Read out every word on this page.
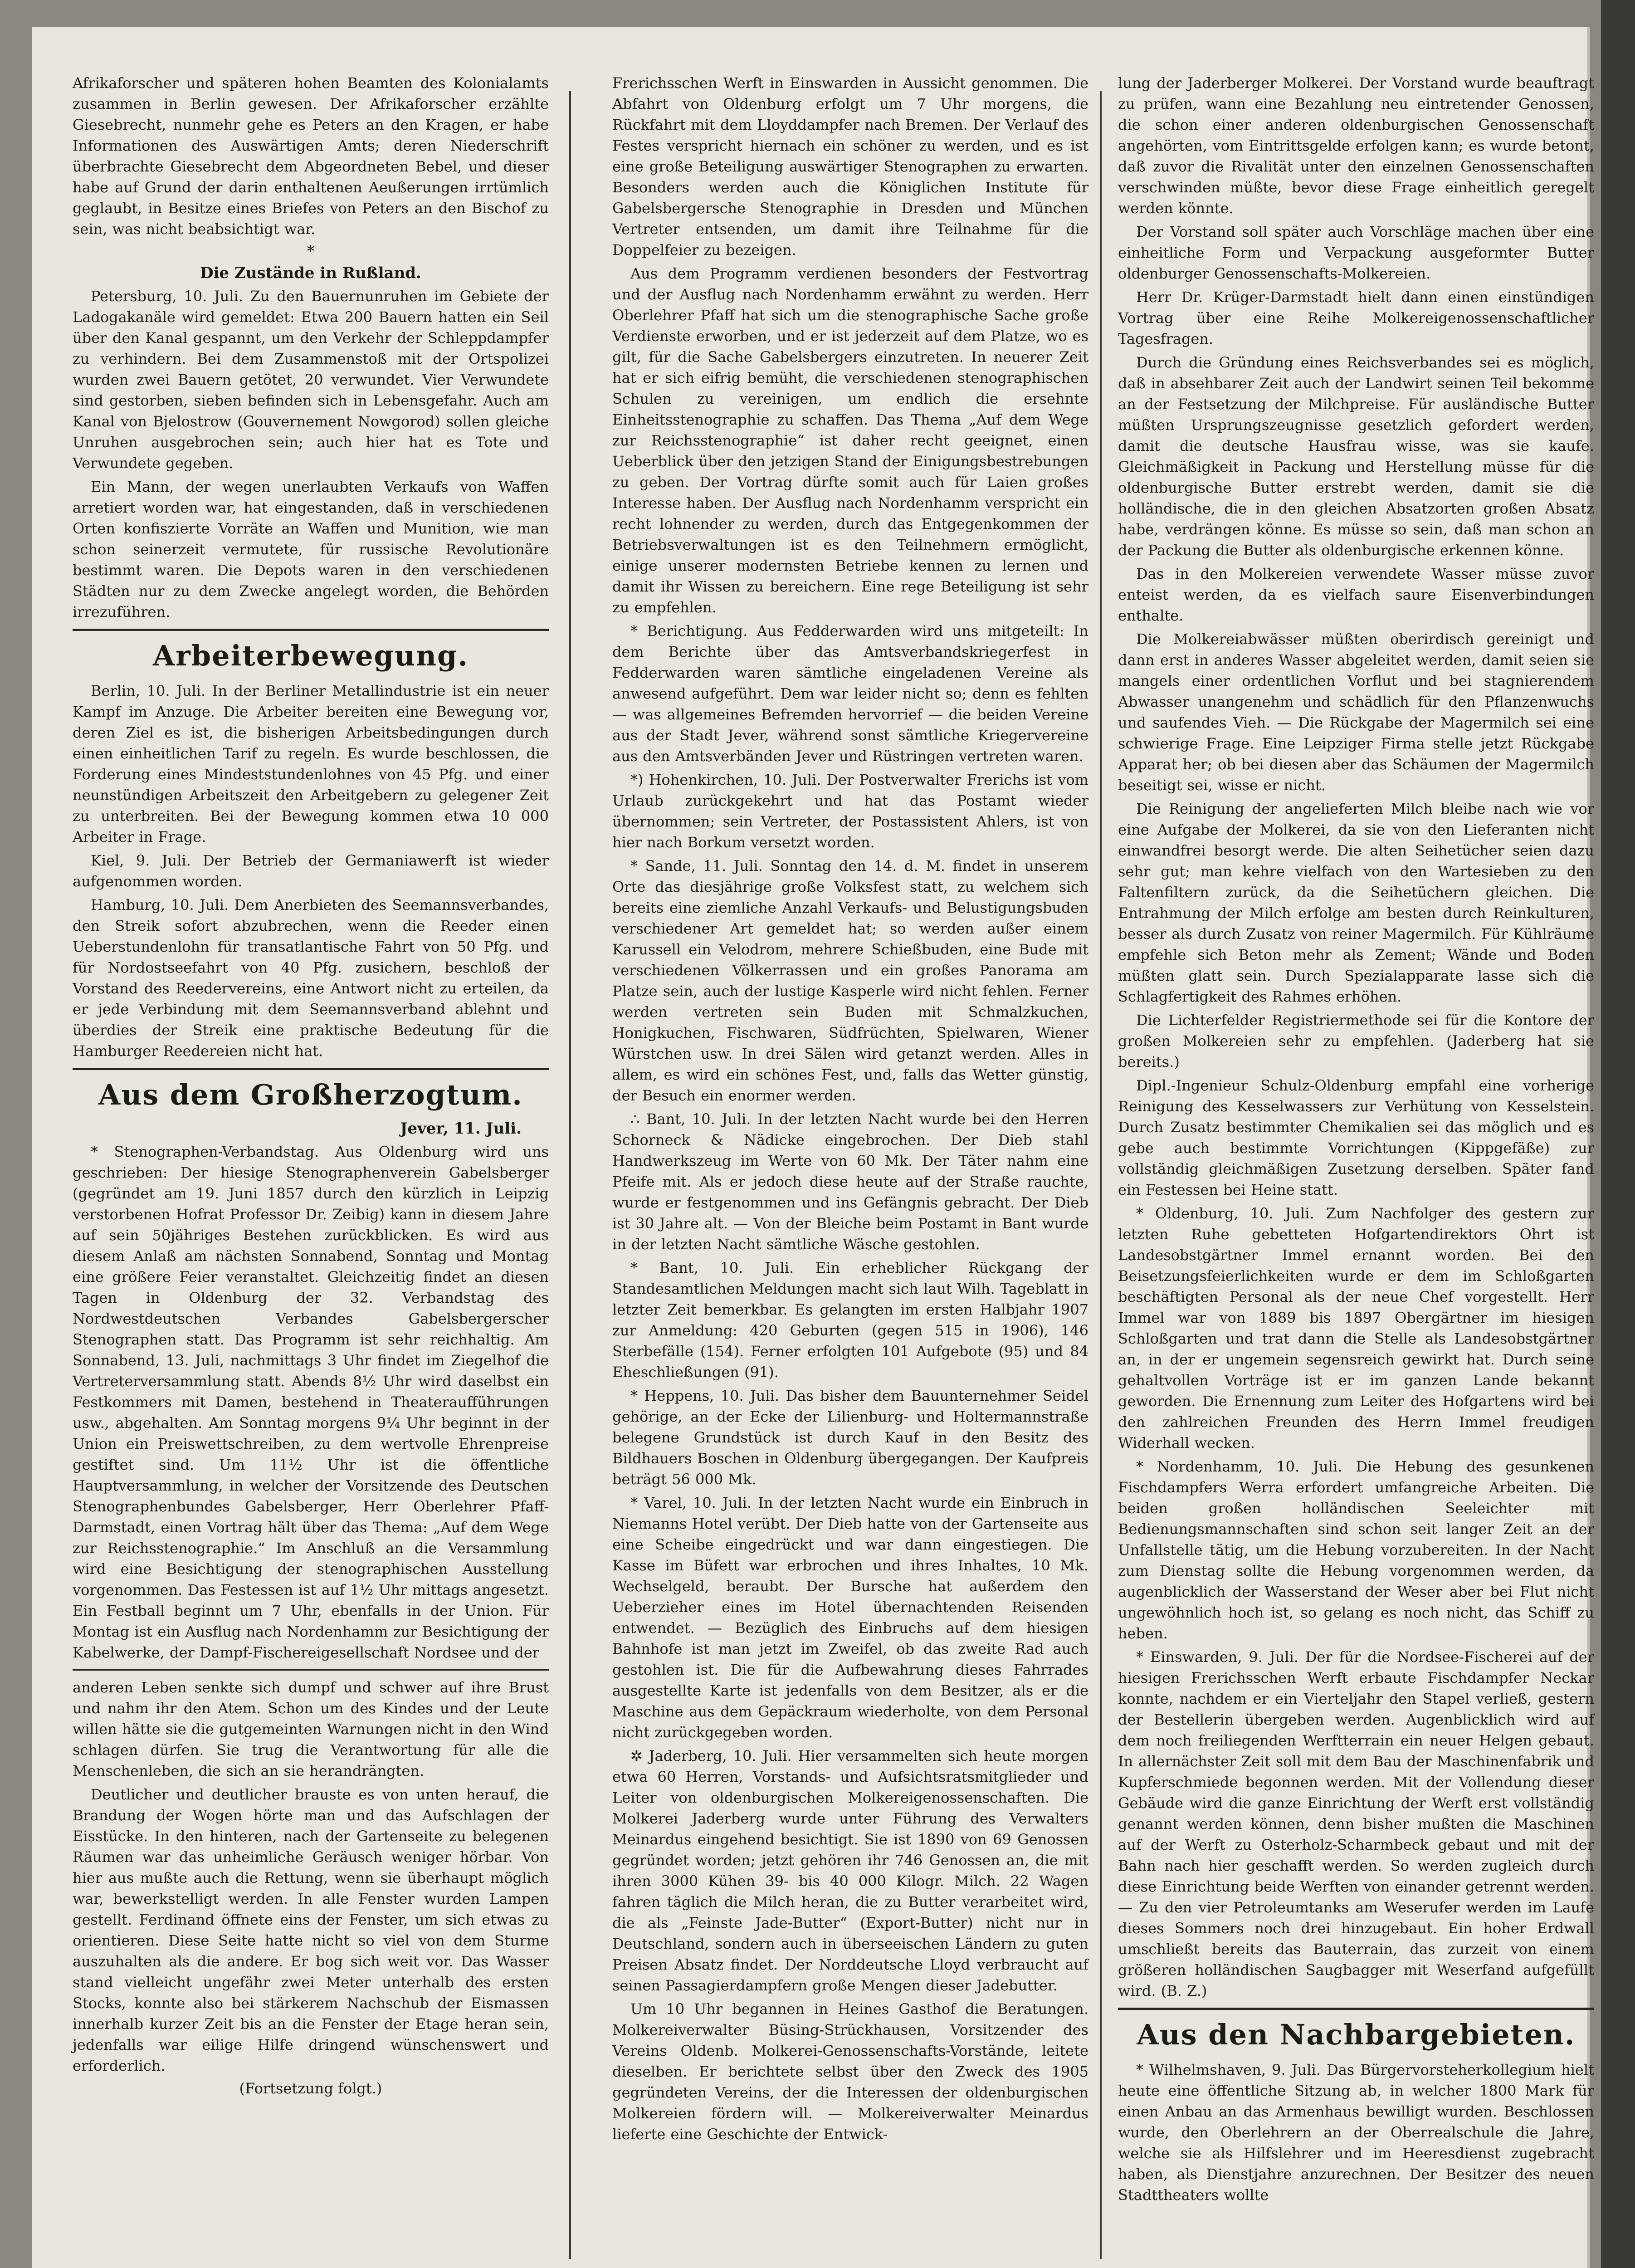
Afrikaforscher und späteren hohen Beamten des Kolonialamts zusammen in Berlin gewesen. Der Afrikaforscher erzählte Giesebrecht, nunmehr gehe es Peters an den Kragen, er habe Informationen des Auswärtigen Amts; deren Niederschrift überbrachte Giesebrecht dem Abgeordneten Bebel, und dieser habe auf Grund der darin enthaltenen Aeußerungen irrtümlich geglaubt, in Besitze eines Briefes von Peters an den Bischof zu sein, was nicht beabsichtigt war.

*
Die Zustände in Rußland.

Petersburg, 10. Juli. Zu den Bauernunruhen im Gebiete der Ladogakanäle wird gemeldet: Etwa 200 Bauern hatten ein Seil über den Kanal gespannt, um den Verkehr der Schleppdampfer zu verhindern. Bei dem Zusammenstoß mit der Ortspolizei wurden zwei Bauern getötet, 20 verwundet. Vier Verwundete sind gestorben, sieben befinden sich in Lebensgefahr. Auch am Kanal von Bjelostrow (Gouvernement Nowgorod) sollen gleiche Unruhen ausgebrochen sein; auch hier hat es Tote und Verwundete gegeben.

Ein Mann, der wegen unerlaubten Verkaufs von Waffen arretiert worden war, hat eingestanden, daß in verschiedenen Orten konfiszierte Vorräte an Waffen und Munition, wie man schon seinerzeit vermutete, für russische Revolutionäre bestimmt waren. Die Depots waren in den verschiedenen Städten nur zu dem Zwecke angelegt worden, die Behörden irrezuführen.

Arbeiterbewegung.

Berlin, 10. Juli. In der Berliner Metallindustrie ist ein neuer Kampf im Anzuge. Die Arbeiter bereiten eine Bewegung vor, deren Ziel es ist, die bisherigen Arbeitsbedingungen durch einen einheitlichen Tarif zu regeln. Es wurde beschlossen, die Forderung eines Mindeststundenlohnes von 45 Pfg. und einer neunstündigen Arbeitszeit den Arbeitgebern zu gelegener Zeit zu unterbreiten. Bei der Bewegung kommen etwa 10 000 Arbeiter in Frage.

Kiel, 9. Juli. Der Betrieb der Germaniawerft ist wieder aufgenommen worden.

Hamburg, 10. Juli. Dem Anerbieten des Seemannsverbandes, den Streik sofort abzubrechen, wenn die Reeder einen Ueberstundenlohn für transatlantische Fahrt von 50 Pfg. und für Nordostseefahrt von 40 Pfg. zusichern, beschloß der Vorstand des Reedervereins, eine Antwort nicht zu erteilen, da er jede Verbindung mit dem Seemannsverband ablehnt und überdies der Streik eine praktische Bedeutung für die Hamburger Reedereien nicht hat.

Aus dem Großherzogtum.
Jever, 11. Juli.

* Stenographen-Verbandstag. Aus Oldenburg wird uns geschrieben: Der hiesige Stenographenverein Gabelsberger (gegründet am 19. Juni 1857 durch den kürzlich in Leipzig verstorbenen Hofrat Professor Dr. Zeibig) kann in diesem Jahre auf sein 50jähriges Bestehen zurückblicken. Es wird aus diesem Anlaß am nächsten Sonnabend, Sonntag und Montag eine größere Feier veranstaltet. Gleichzeitig findet an diesen Tagen in Oldenburg der 32. Verbandstag des Nordwestdeutschen Verbandes Gabelsbergerscher Stenographen statt. Das Programm ist sehr reichhaltig. Am Sonnabend, 13. Juli, nachmittags 3 Uhr findet im Ziegelhof die Vertreterversammlung statt. Abends 8½ Uhr wird daselbst ein Festkommers mit Damen, bestehend in Theateraufführungen usw., abgehalten. Am Sonntag morgens 9¼ Uhr beginnt in der Union ein Preiswettschreiben, zu dem wertvolle Ehrenpreise gestiftet sind. Um 11½ Uhr ist die öffentliche Hauptversammlung, in welcher der Vorsitzende des Deutschen Stenographenbundes Gabelsberger, Herr Oberlehrer Pfaff-Darmstadt, einen Vortrag hält über das Thema: „Auf dem Wege zur Reichsstenographie.“ Im Anschluß an die Versammlung wird eine Besichtigung der stenographischen Ausstellung vorgenommen. Das Festessen ist auf 1½ Uhr mittags angesetzt. Ein Festball beginnt um 7 Uhr, ebenfalls in der Union. Für Montag ist ein Ausflug nach Nordenhamm zur Besichtigung der Kabelwerke, der Dampf-Fischereigesellschaft Nordsee und der

anderen Leben senkte sich dumpf und schwer auf ihre Brust und nahm ihr den Atem. Schon um des Kindes und der Leute willen hätte sie die gutgemeinten Warnungen nicht in den Wind schlagen dürfen. Sie trug die Verantwortung für alle die Menschenleben, die sich an sie herandrängten.

Deutlicher und deutlicher brauste es von unten herauf, die Brandung der Wogen hörte man und das Aufschlagen der Eisstücke. In den hinteren, nach der Gartenseite zu belegenen Räumen war das unheimliche Geräusch weniger hörbar. Von hier aus mußte auch die Rettung, wenn sie überhaupt möglich war, bewerkstelligt werden. In alle Fenster wurden Lampen gestellt. Ferdinand öffnete eins der Fenster, um sich etwas zu orientieren. Diese Seite hatte nicht so viel von dem Sturme auszuhalten als die andere. Er bog sich weit vor. Das Wasser stand vielleicht ungefähr zwei Meter unterhalb des ersten Stocks, konnte also bei stärkerem Nachschub der Eismassen innerhalb kurzer Zeit bis an die Fenster der Etage heran sein, jedenfalls war eilige Hilfe dringend wünschenswert und erforderlich.

(Fortsetzung folgt.)

Frerichsschen Werft in Einswarden in Aussicht genommen. Die Abfahrt von Oldenburg erfolgt um 7 Uhr morgens, die Rückfahrt mit dem Lloyddampfer nach Bremen. Der Verlauf des Festes verspricht hiernach ein schöner zu werden, und es ist eine große Beteiligung auswärtiger Stenographen zu erwarten. Besonders werden auch die Königlichen Institute für Gabelsbergersche Stenographie in Dresden und München Vertreter entsenden, um damit ihre Teilnahme für die Doppelfeier zu bezeigen.

Aus dem Programm verdienen besonders der Festvortrag und der Ausflug nach Nordenhamm erwähnt zu werden. Herr Oberlehrer Pfaff hat sich um die stenographische Sache große Verdienste erworben, und er ist jederzeit auf dem Platze, wo es gilt, für die Sache Gabelsbergers einzutreten. In neuerer Zeit hat er sich eifrig bemüht, die verschiedenen stenographischen Schulen zu vereinigen, um endlich die ersehnte Einheitsstenographie zu schaffen. Das Thema „Auf dem Wege zur Reichsstenographie“ ist daher recht geeignet, einen Ueberblick über den jetzigen Stand der Einigungsbestrebungen zu geben. Der Vortrag dürfte somit auch für Laien großes Interesse haben. Der Ausflug nach Nordenhamm verspricht ein recht lohnender zu werden, durch das Entgegenkommen der Betriebsverwaltungen ist es den Teilnehmern ermöglicht, einige unserer modernsten Betriebe kennen zu lernen und damit ihr Wissen zu bereichern. Eine rege Beteiligung ist sehr zu empfehlen.

* Berichtigung. Aus Fedderwarden wird uns mitgeteilt: In dem Berichte über das Amtsverbandskriegerfest in Fedderwarden waren sämtliche eingeladenen Vereine als anwesend aufgeführt. Dem war leider nicht so; denn es fehlten — was allgemeines Befremden hervorrief — die beiden Vereine aus der Stadt Jever, während sonst sämtliche Kriegervereine aus den Amtsverbänden Jever und Rüstringen vertreten waren.

*) Hohenkirchen, 10. Juli. Der Postverwalter Frerichs ist vom Urlaub zurückgekehrt und hat das Postamt wieder übernommen; sein Vertreter, der Postassistent Ahlers, ist von hier nach Borkum versetzt worden.

* Sande, 11. Juli. Sonntag den 14. d. M. findet in unserem Orte das diesjährige große Volksfest statt, zu welchem sich bereits eine ziemliche Anzahl Verkaufs- und Belustigungsbuden verschiedener Art gemeldet hat; so werden außer einem Karussell ein Velodrom, mehrere Schießbuden, eine Bude mit verschiedenen Völkerrassen und ein großes Panorama am Platze sein, auch der lustige Kasperle wird nicht fehlen. Ferner werden vertreten sein Buden mit Schmalzkuchen, Honigkuchen, Fischwaren, Südfrüchten, Spielwaren, Wiener Würstchen usw. In drei Sälen wird getanzt werden. Alles in allem, es wird ein schönes Fest, und, falls das Wetter günstig, der Besuch ein enormer werden.

∴ Bant, 10. Juli. In der letzten Nacht wurde bei den Herren Schorneck & Nädicke eingebrochen. Der Dieb stahl Handwerkszeug im Werte von 60 Mk. Der Täter nahm eine Pfeife mit. Als er jedoch diese heute auf der Straße rauchte, wurde er festgenommen und ins Gefängnis gebracht. Der Dieb ist 30 Jahre alt. — Von der Bleiche beim Postamt in Bant wurde in der letzten Nacht sämtliche Wäsche gestohlen.

* Bant, 10. Juli. Ein erheblicher Rückgang der Standesamtlichen Meldungen macht sich laut Wilh. Tageblatt in letzter Zeit bemerkbar. Es gelangten im ersten Halbjahr 1907 zur Anmeldung: 420 Geburten (gegen 515 in 1906), 146 Sterbefälle (154). Ferner erfolgten 101 Aufgebote (95) und 84 Eheschließungen (91).

* Heppens, 10. Juli. Das bisher dem Bauunternehmer Seidel gehörige, an der Ecke der Lilienburg- und Holtermannstraße belegene Grundstück ist durch Kauf in den Besitz des Bildhauers Boschen in Oldenburg übergegangen. Der Kaufpreis beträgt 56 000 Mk.

* Varel, 10. Juli. In der letzten Nacht wurde ein Einbruch in Niemanns Hotel verübt. Der Dieb hatte von der Gartenseite aus eine Scheibe eingedrückt und war dann eingestiegen. Die Kasse im Büfett war erbrochen und ihres Inhaltes, 10 Mk. Wechselgeld, beraubt. Der Bursche hat außerdem den Ueberzieher eines im Hotel übernachtenden Reisenden entwendet. — Bezüglich des Einbruchs auf dem hiesigen Bahnhofe ist man jetzt im Zweifel, ob das zweite Rad auch gestohlen ist. Die für die Aufbewahrung dieses Fahrrades ausgestellte Karte ist jedenfalls von dem Besitzer, als er die Maschine aus dem Gepäckraum wiederholte, von dem Personal nicht zurückgegeben worden.

✲ Jaderberg, 10. Juli. Hier versammelten sich heute morgen etwa 60 Herren, Vorstands- und Aufsichtsratsmitglieder und Leiter von oldenburgischen Molkereigenossenschaften. Die Molkerei Jaderberg wurde unter Führung des Verwalters Meinardus eingehend besichtigt. Sie ist 1890 von 69 Genossen gegründet worden; jetzt gehören ihr 746 Genossen an, die mit ihren 3000 Kühen 39- bis 40 000 Kilogr. Milch. 22 Wagen fahren täglich die Milch heran, die zu Butter verarbeitet wird, die als „Feinste Jade-Butter“ (Export-Butter) nicht nur in Deutschland, sondern auch in überseeischen Ländern zu guten Preisen Absatz findet. Der Norddeutsche Lloyd verbraucht auf seinen Passagierdampfern große Mengen dieser Jadebutter.

Um 10 Uhr begannen in Heines Gasthof die Beratungen. Molkereiverwalter Büsing-Strückhausen, Vorsitzender des Vereins Oldenb. Molkerei-Genossenschafts-Vorstände, leitete dieselben. Er berichtete selbst über den Zweck des 1905 gegründeten Vereins, der die Interessen der oldenburgischen Molkereien fördern will. — Molkereiverwalter Meinardus lieferte eine Geschichte der Entwick-

lung der Jaderberger Molkerei. Der Vorstand wurde beauftragt zu prüfen, wann eine Bezahlung neu eintretender Genossen, die schon einer anderen oldenburgischen Genossenschaft angehörten, vom Eintrittsgelde erfolgen kann; es wurde betont, daß zuvor die Rivalität unter den einzelnen Genossenschaften verschwinden müßte, bevor diese Frage einheitlich geregelt werden könnte.

Der Vorstand soll später auch Vorschläge machen über eine einheitliche Form und Verpackung ausgeformter Butter oldenburger Genossenschafts-Molkereien.

Herr Dr. Krüger-Darmstadt hielt dann einen einstündigen Vortrag über eine Reihe Molkereigenossenschaftlicher Tagesfragen.

Durch die Gründung eines Reichsverbandes sei es möglich, daß in absehbarer Zeit auch der Landwirt seinen Teil bekomme an der Festsetzung der Milchpreise. Für ausländische Butter müßten Ursprungszeugnisse gesetzlich gefordert werden, damit die deutsche Hausfrau wisse, was sie kaufe. Gleichmäßigkeit in Packung und Herstellung müsse für die oldenburgische Butter erstrebt werden, damit sie die holländische, die in den gleichen Absatzorten großen Absatz habe, verdrängen könne. Es müsse so sein, daß man schon an der Packung die Butter als oldenburgische erkennen könne.

Das in den Molkereien verwendete Wasser müsse zuvor enteist werden, da es vielfach saure Eisenverbindungen enthalte.

Die Molkereiabwässer müßten oberirdisch gereinigt und dann erst in anderes Wasser abgeleitet werden, damit seien sie mangels einer ordentlichen Vorflut und bei stagnierendem Abwasser unangenehm und schädlich für den Pflanzenwuchs und saufendes Vieh. — Die Rückgabe der Magermilch sei eine schwierige Frage. Eine Leipziger Firma stelle jetzt Rückgabe Apparat her; ob bei diesen aber das Schäumen der Magermilch beseitigt sei, wisse er nicht.

Die Reinigung der angelieferten Milch bleibe nach wie vor eine Aufgabe der Molkerei, da sie von den Lieferanten nicht einwandfrei besorgt werde. Die alten Seihetücher seien dazu sehr gut; man kehre vielfach von den Wartesieben zu den Faltenfiltern zurück, da die Seihetüchern gleichen. Die Entrahmung der Milch erfolge am besten durch Reinkulturen, besser als durch Zusatz von reiner Magermilch. Für Kühlräume empfehle sich Beton mehr als Zement; Wände und Boden müßten glatt sein. Durch Spezialapparate lasse sich die Schlagfertigkeit des Rahmes erhöhen.

Die Lichterfelder Registriermethode sei für die Kontore der großen Molkereien sehr zu empfehlen. (Jaderberg hat sie bereits.)

Dipl.-Ingenieur Schulz-Oldenburg empfahl eine vorherige Reinigung des Kesselwassers zur Verhütung von Kesselstein. Durch Zusatz bestimmter Chemikalien sei das möglich und es gebe auch bestimmte Vorrichtungen (Kippgefäße) zur vollständig gleichmäßigen Zusetzung derselben. Später fand ein Festessen bei Heine statt.

* Oldenburg, 10. Juli. Zum Nachfolger des gestern zur letzten Ruhe gebetteten Hofgartendirektors Ohrt ist Landesobstgärtner Immel ernannt worden. Bei den Beisetzungsfeierlichkeiten wurde er dem im Schloßgarten beschäftigten Personal als der neue Chef vorgestellt. Herr Immel war von 1889 bis 1897 Obergärtner im hiesigen Schloßgarten und trat dann die Stelle als Landesobstgärtner an, in der er ungemein segensreich gewirkt hat. Durch seine gehaltvollen Vorträge ist er im ganzen Lande bekannt geworden. Die Ernennung zum Leiter des Hofgartens wird bei den zahlreichen Freunden des Herrn Immel freudigen Widerhall wecken.

* Nordenhamm, 10. Juli. Die Hebung des gesunkenen Fischdampfers Werra erfordert umfangreiche Arbeiten. Die beiden großen holländischen Seeleichter mit Bedienungsmannschaften sind schon seit langer Zeit an der Unfallstelle tätig, um die Hebung vorzubereiten. In der Nacht zum Dienstag sollte die Hebung vorgenommen werden, da augenblicklich der Wasserstand der Weser aber bei Flut nicht ungewöhnlich hoch ist, so gelang es noch nicht, das Schiff zu heben.

* Einswarden, 9. Juli. Der für die Nordsee-Fischerei auf der hiesigen Frerichsschen Werft erbaute Fischdampfer Neckar konnte, nachdem er ein Vierteljahr den Stapel verließ, gestern der Bestellerin übergeben werden. Augenblicklich wird auf dem noch freiliegenden Werftterrain ein neuer Helgen gebaut. In allernächster Zeit soll mit dem Bau der Maschinenfabrik und Kupferschmiede begonnen werden. Mit der Vollendung dieser Gebäude wird die ganze Einrichtung der Werft erst vollständig genannt werden können, denn bisher mußten die Maschinen auf der Werft zu Osterholz-Scharmbeck gebaut und mit der Bahn nach hier geschafft werden. So werden zugleich durch diese Einrichtung beide Werften von einander getrennt werden. — Zu den vier Petroleumtanks am Weserufer werden im Laufe dieses Sommers noch drei hinzugebaut. Ein hoher Erdwall umschließt bereits das Bauterrain, das zurzeit von einem größeren holländischen Saugbagger mit Weserfand aufgefüllt wird. (B. Z.)

Aus den Nachbargebieten.

* Wilhelmshaven, 9. Juli. Das Bürgervorsteherkollegium hielt heute eine öffentliche Sitzung ab, in welcher 1800 Mark für einen Anbau an das Armenhaus bewilligt wurden. Beschlossen wurde, den Oberlehrern an der Oberrealschule die Jahre, welche sie als Hilfslehrer und im Heeresdienst zugebracht haben, als Dienstjahre anzurechnen. Der Besitzer des neuen Stadttheaters wollte
